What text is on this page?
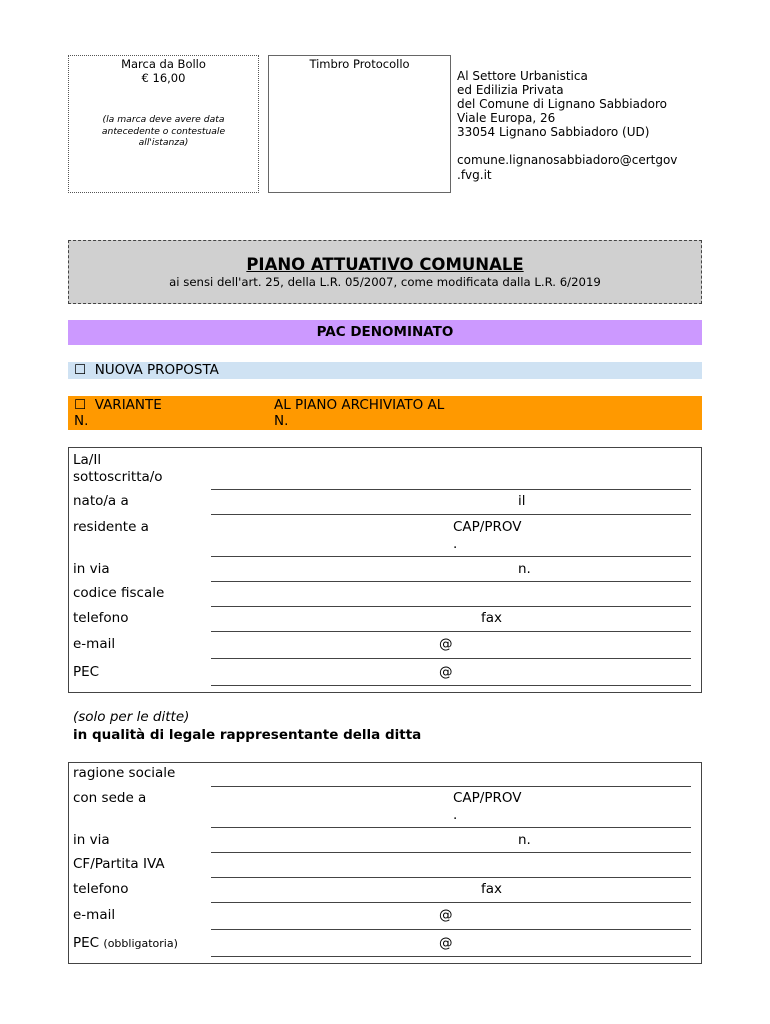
Marca da Bollo
€ 16,00
(la marca deve avere data antecedente o contestuale all'istanza)
Timbro Protocollo
Al Settore Urbanistica
ed Edilizia Privata
del Comune di Lignano Sabbiadoro
Viale Europa, 26
33054 Lignano Sabbiadoro (UD)
comune.lignanosabbiadoro@certgov
.fvg.it
PIANO ATTUATIVO COMUNALE
ai sensi dell'art. 25, della L.R. 05/2007, come modificata dalla L.R. 6/2019
PAC DENOMINATO
☐ NUOVA PROPOSTA
☐ VARIANTE
N.
AL PIANO ARCHIVIATO AL
N.
La/Il
sottoscritta/o
nato/a a	il
residente a	CAP/PROV
.
in via	n.
codice fiscale
telefono	fax
e-mail	@
PEC	@
(solo per le ditte)
in qualità di legale rappresentante della ditta
ragione sociale
con sede a	CAP/PROV
.
in via	n.
CF/Partita IVA
telefono	fax
e-mail	@
PEC (obbligatoria)	@
